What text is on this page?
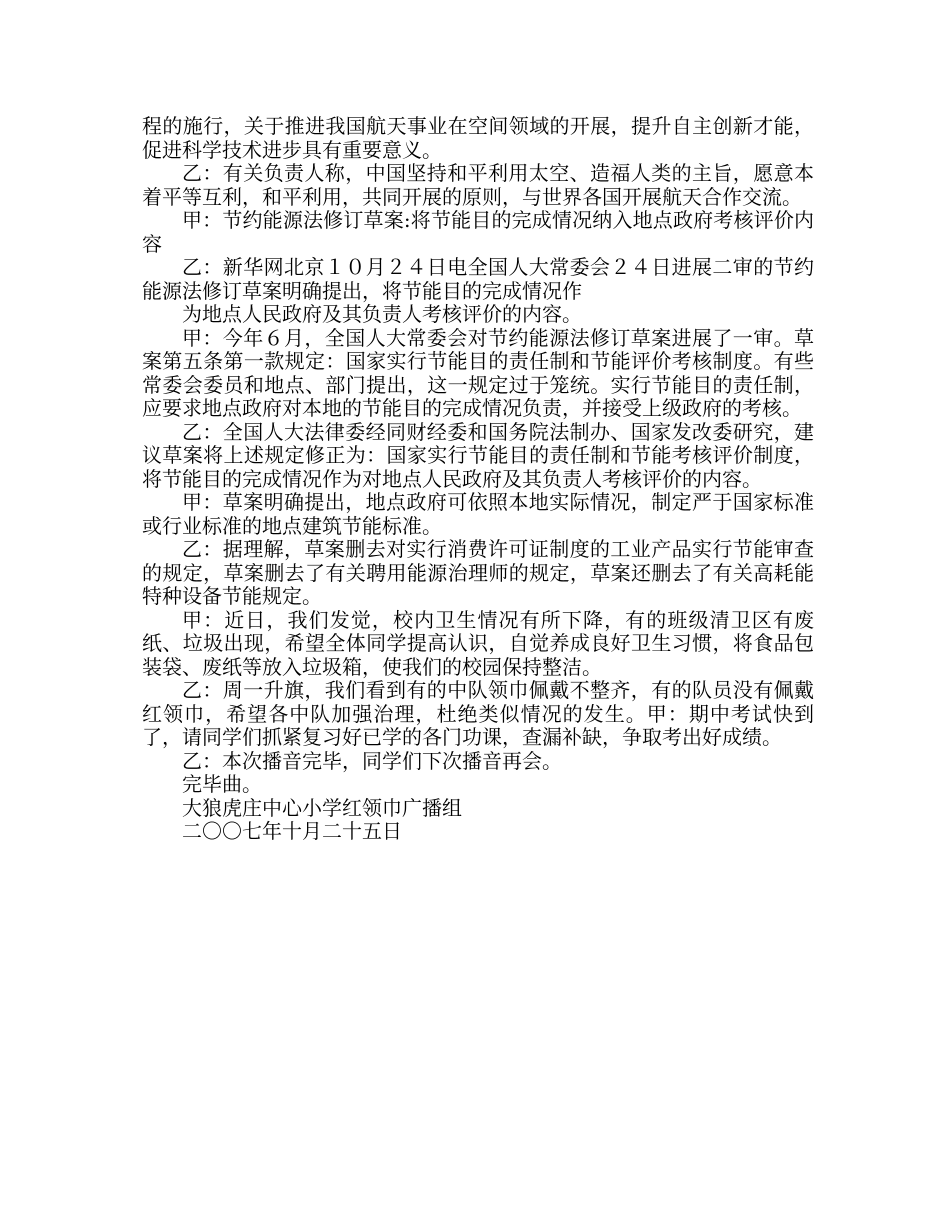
程的施行，关于推进我国航天事业在空间领域的开展，提升自主创新才能，促进科学技术进步具有重要意义。

乙：有关负责人称，中国坚持和平利用太空、造福人类的主旨，愿意本着平等互利，和平利用，共同开展的原则，与世界各国开展航天合作交流。

甲：节约能源法修订草案:将节能目的完成情况纳入地点政府考核评价内容

乙：新华网北京１０月２４日电全国人大常委会２４日进展二审的节约能源法修订草案明确提出，将节能目的完成情况作

为地点人民政府及其负责人考核评价的内容。

甲：今年６月，全国人大常委会对节约能源法修订草案进展了一审。草案第五条第一款规定：国家实行节能目的责任制和节能评价考核制度。有些常委会委员和地点、部门提出，这一规定过于笼统。实行节能目的责任制，应要求地点政府对本地的节能目的完成情况负责，并接受上级政府的考核。

乙：全国人大法律委经同财经委和国务院法制办、国家发改委研究，建议草案将上述规定修正为：国家实行节能目的责任制和节能考核评价制度，将节能目的完成情况作为对地点人民政府及其负责人考核评价的内容。

甲：草案明确提出，地点政府可依照本地实际情况，制定严于国家标准或行业标准的地点建筑节能标准。

乙：据理解，草案删去对实行消费许可证制度的工业产品实行节能审查的规定，草案删去了有关聘用能源治理师的规定，草案还删去了有关高耗能特种设备节能规定。

甲：近日，我们发觉，校内卫生情况有所下降，有的班级清卫区有废纸、垃圾出现，希望全体同学提高认识，自觉养成良好卫生习惯，将食品包装袋、废纸等放入垃圾箱，使我们的校园保持整洁。

乙：周一升旗，我们看到有的中队领巾佩戴不整齐，有的队员没有佩戴红领巾，希望各中队加强治理，杜绝类似情况的发生。甲：期中考试快到了，请同学们抓紧复习好已学的各门功课，查漏补缺，争取考出好成绩。

乙：本次播音完毕，同学们下次播音再会。

完毕曲。

大狼虎庄中心小学红领巾广播组

二〇〇七年十月二十五日
